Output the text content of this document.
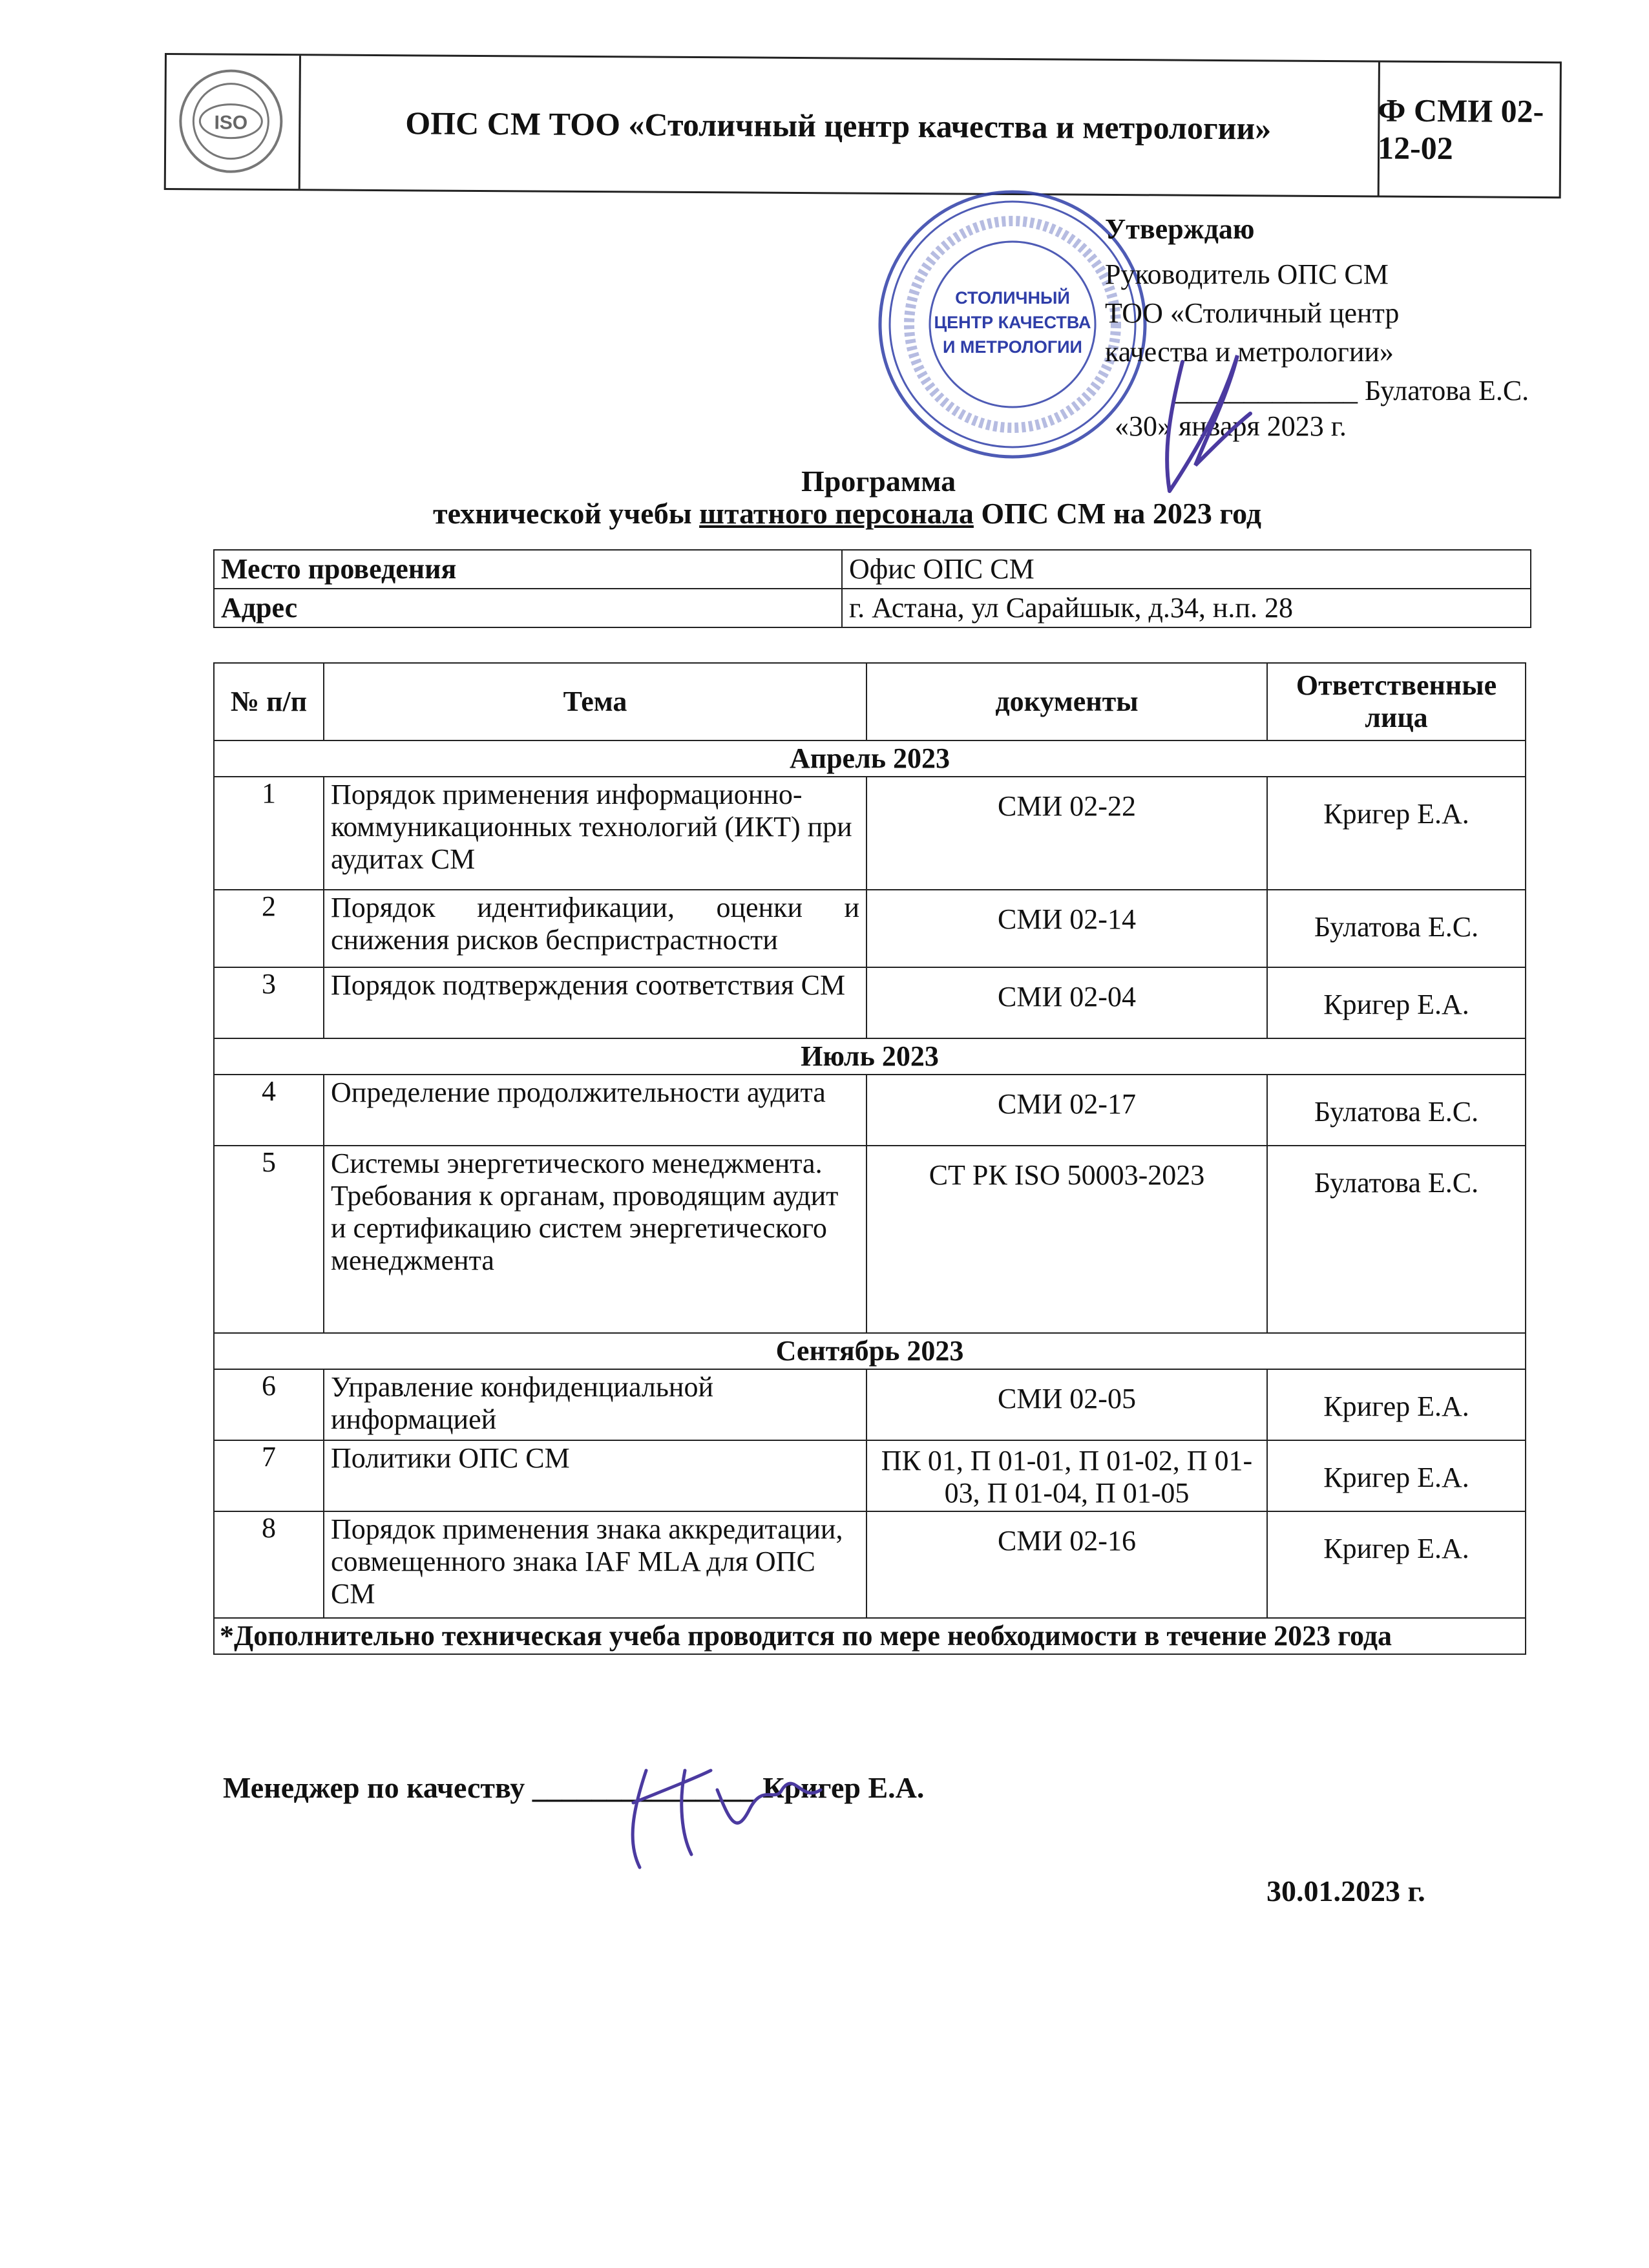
ISO	ОПС СМ ТОО «Столичный центр качества и метрологии»	Ф СМИ 02-12-02
СТОЛИЧНЫЙ
ЦЕНТР КАЧЕСТВА
И МЕТРОЛОГИИ
Утверждаю
Руководитель ОПС СМ
ТОО «Столичный центр
качества и метрологии»
_____________ Булатова Е.С.
«30» января 2023 г.
Программа
технической учебы штатного персонала ОПС СМ на 2023 год
Место проведения	Офис ОПС СМ
Адрес	г. Астана, ул Сарайшык, д.34, н.п. 28
№ п/п	Тема	документы	Ответственные лица
Апрель 2023			
1	Порядок применения информационно-коммуникационных технологий (ИКТ) при аудитах СМ	СМИ 02-22	Кригер Е.А.
2	Порядок идентификации, оценки и снижения рисков беспристрастности	СМИ 02-14	Булатова Е.С.
3	Порядок подтверждения соответствия СМ	СМИ 02-04	Кригер Е.А.
Июль 2023			
4	Определение продолжительности аудита	СМИ 02-17	Булатова Е.С.
5	Системы энергетического менеджмента. Требования к органам, проводящим аудит и сертификацию систем энергетического менеджмента	СТ РК ISO 50003-2023	Булатова Е.С.
Сентябрь 2023			
6	Управление конфиденциальной информацией	СМИ 02-05	Кригер Е.А.
7	Политики ОПС СМ	ПК 01, П 01-01, П 01-02, П 01-03, П 01-04, П 01-05	Кригер Е.А.
8	Порядок применения знака аккредитации, совмещенного знака IAF MLA для ОПС СМ	СМИ 02-16	Кригер Е.А.
*Дополнительно техническая учеба проводится по мере необходимости в течение 2023 года			
Менеджер по качеству _______________ Кригер Е.А.
30.01.2023 г.
